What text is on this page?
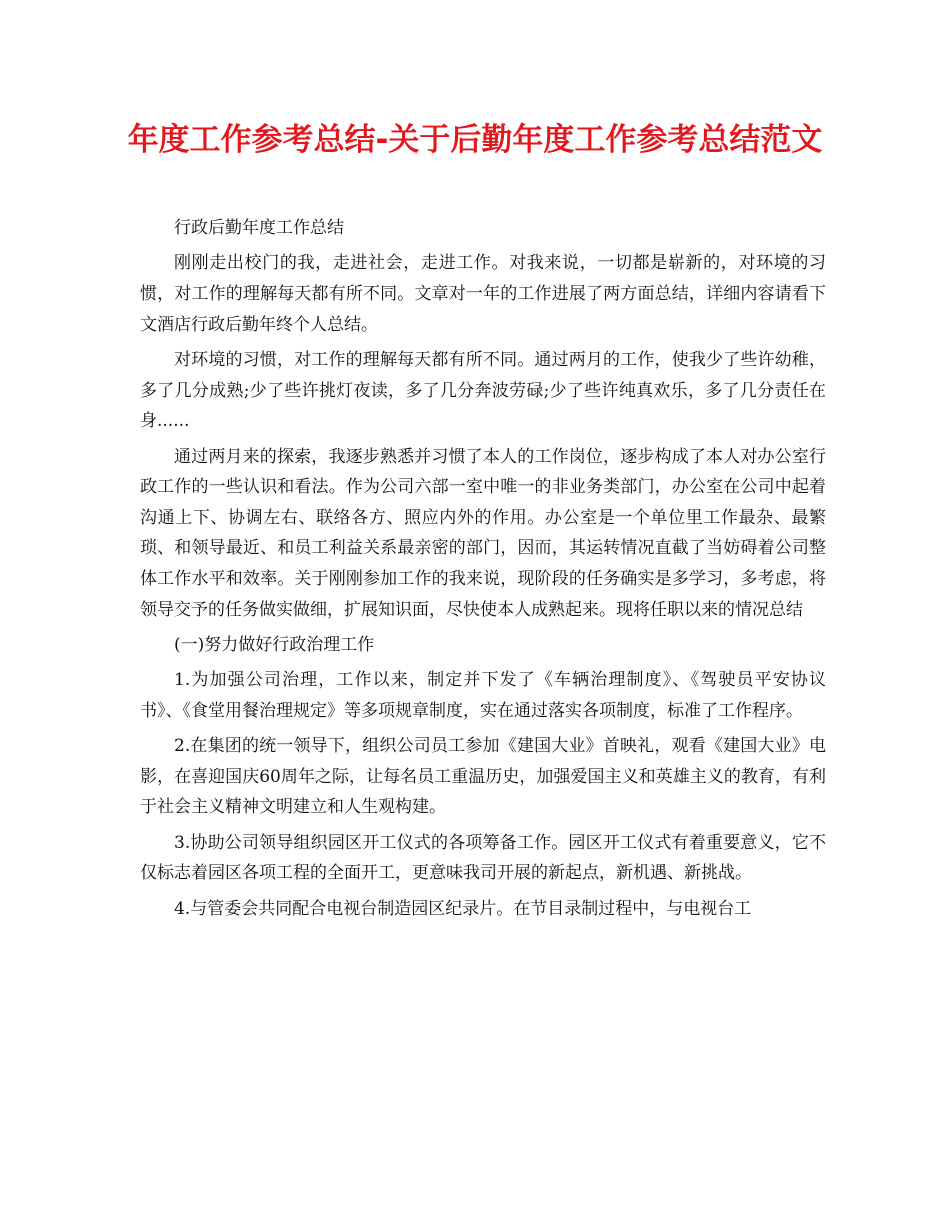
年度工作参考总结-关于后勤年度工作参考总结范文

行政后勤年度工作总结

刚刚走出校门的我，走进社会，走进工作。对我来说，一切都是崭新的，对环境的习惯，对工作的理解每天都有所不同。文章对一年的工作进展了两方面总结，详细内容请看下文酒店行政后勤年终个人总结。

对环境的习惯，对工作的理解每天都有所不同。通过两月的工作，使我少了些许幼稚，多了几分成熟;少了些许挑灯夜读，多了几分奔波劳碌;少了些许纯真欢乐，多了几分责任在身......

通过两月来的探索，我逐步熟悉并习惯了本人的工作岗位，逐步构成了本人对办公室行政工作的一些认识和看法。作为公司六部一室中唯一的非业务类部门，办公室在公司中起着沟通上下、协调左右、联络各方、照应内外的作用。办公室是一个单位里工作最杂、最繁琐、和领导最近、和员工利益关系最亲密的部门，因而，其运转情况直截了当妨碍着公司整体工作水平和效率。关于刚刚参加工作的我来说，现阶段的任务确实是多学习，多考虑，将领导交予的任务做实做细，扩展知识面，尽快使本人成熟起来。现将任职以来的情况总结

(一)努力做好行政治理工作

1.为加强公司治理，工作以来，制定并下发了《车辆治理制度》、《驾驶员平安协议书》、《食堂用餐治理规定》等多项规章制度，实在通过落实各项制度，标准了工作程序。

2.在集团的统一领导下，组织公司员工参加《建国大业》首映礼，观看《建国大业》电影，在喜迎国庆60周年之际，让每名员工重温历史，加强爱国主义和英雄主义的教育，有利于社会主义精神文明建立和人生观构建。

3.协助公司领导组织园区开工仪式的各项筹备工作。园区开工仪式有着重要意义，它不仅标志着园区各项工程的全面开工，更意味我司开展的新起点，新机遇、新挑战。

4.与管委会共同配合电视台制造园区纪录片。在节目录制过程中，与电视台工
